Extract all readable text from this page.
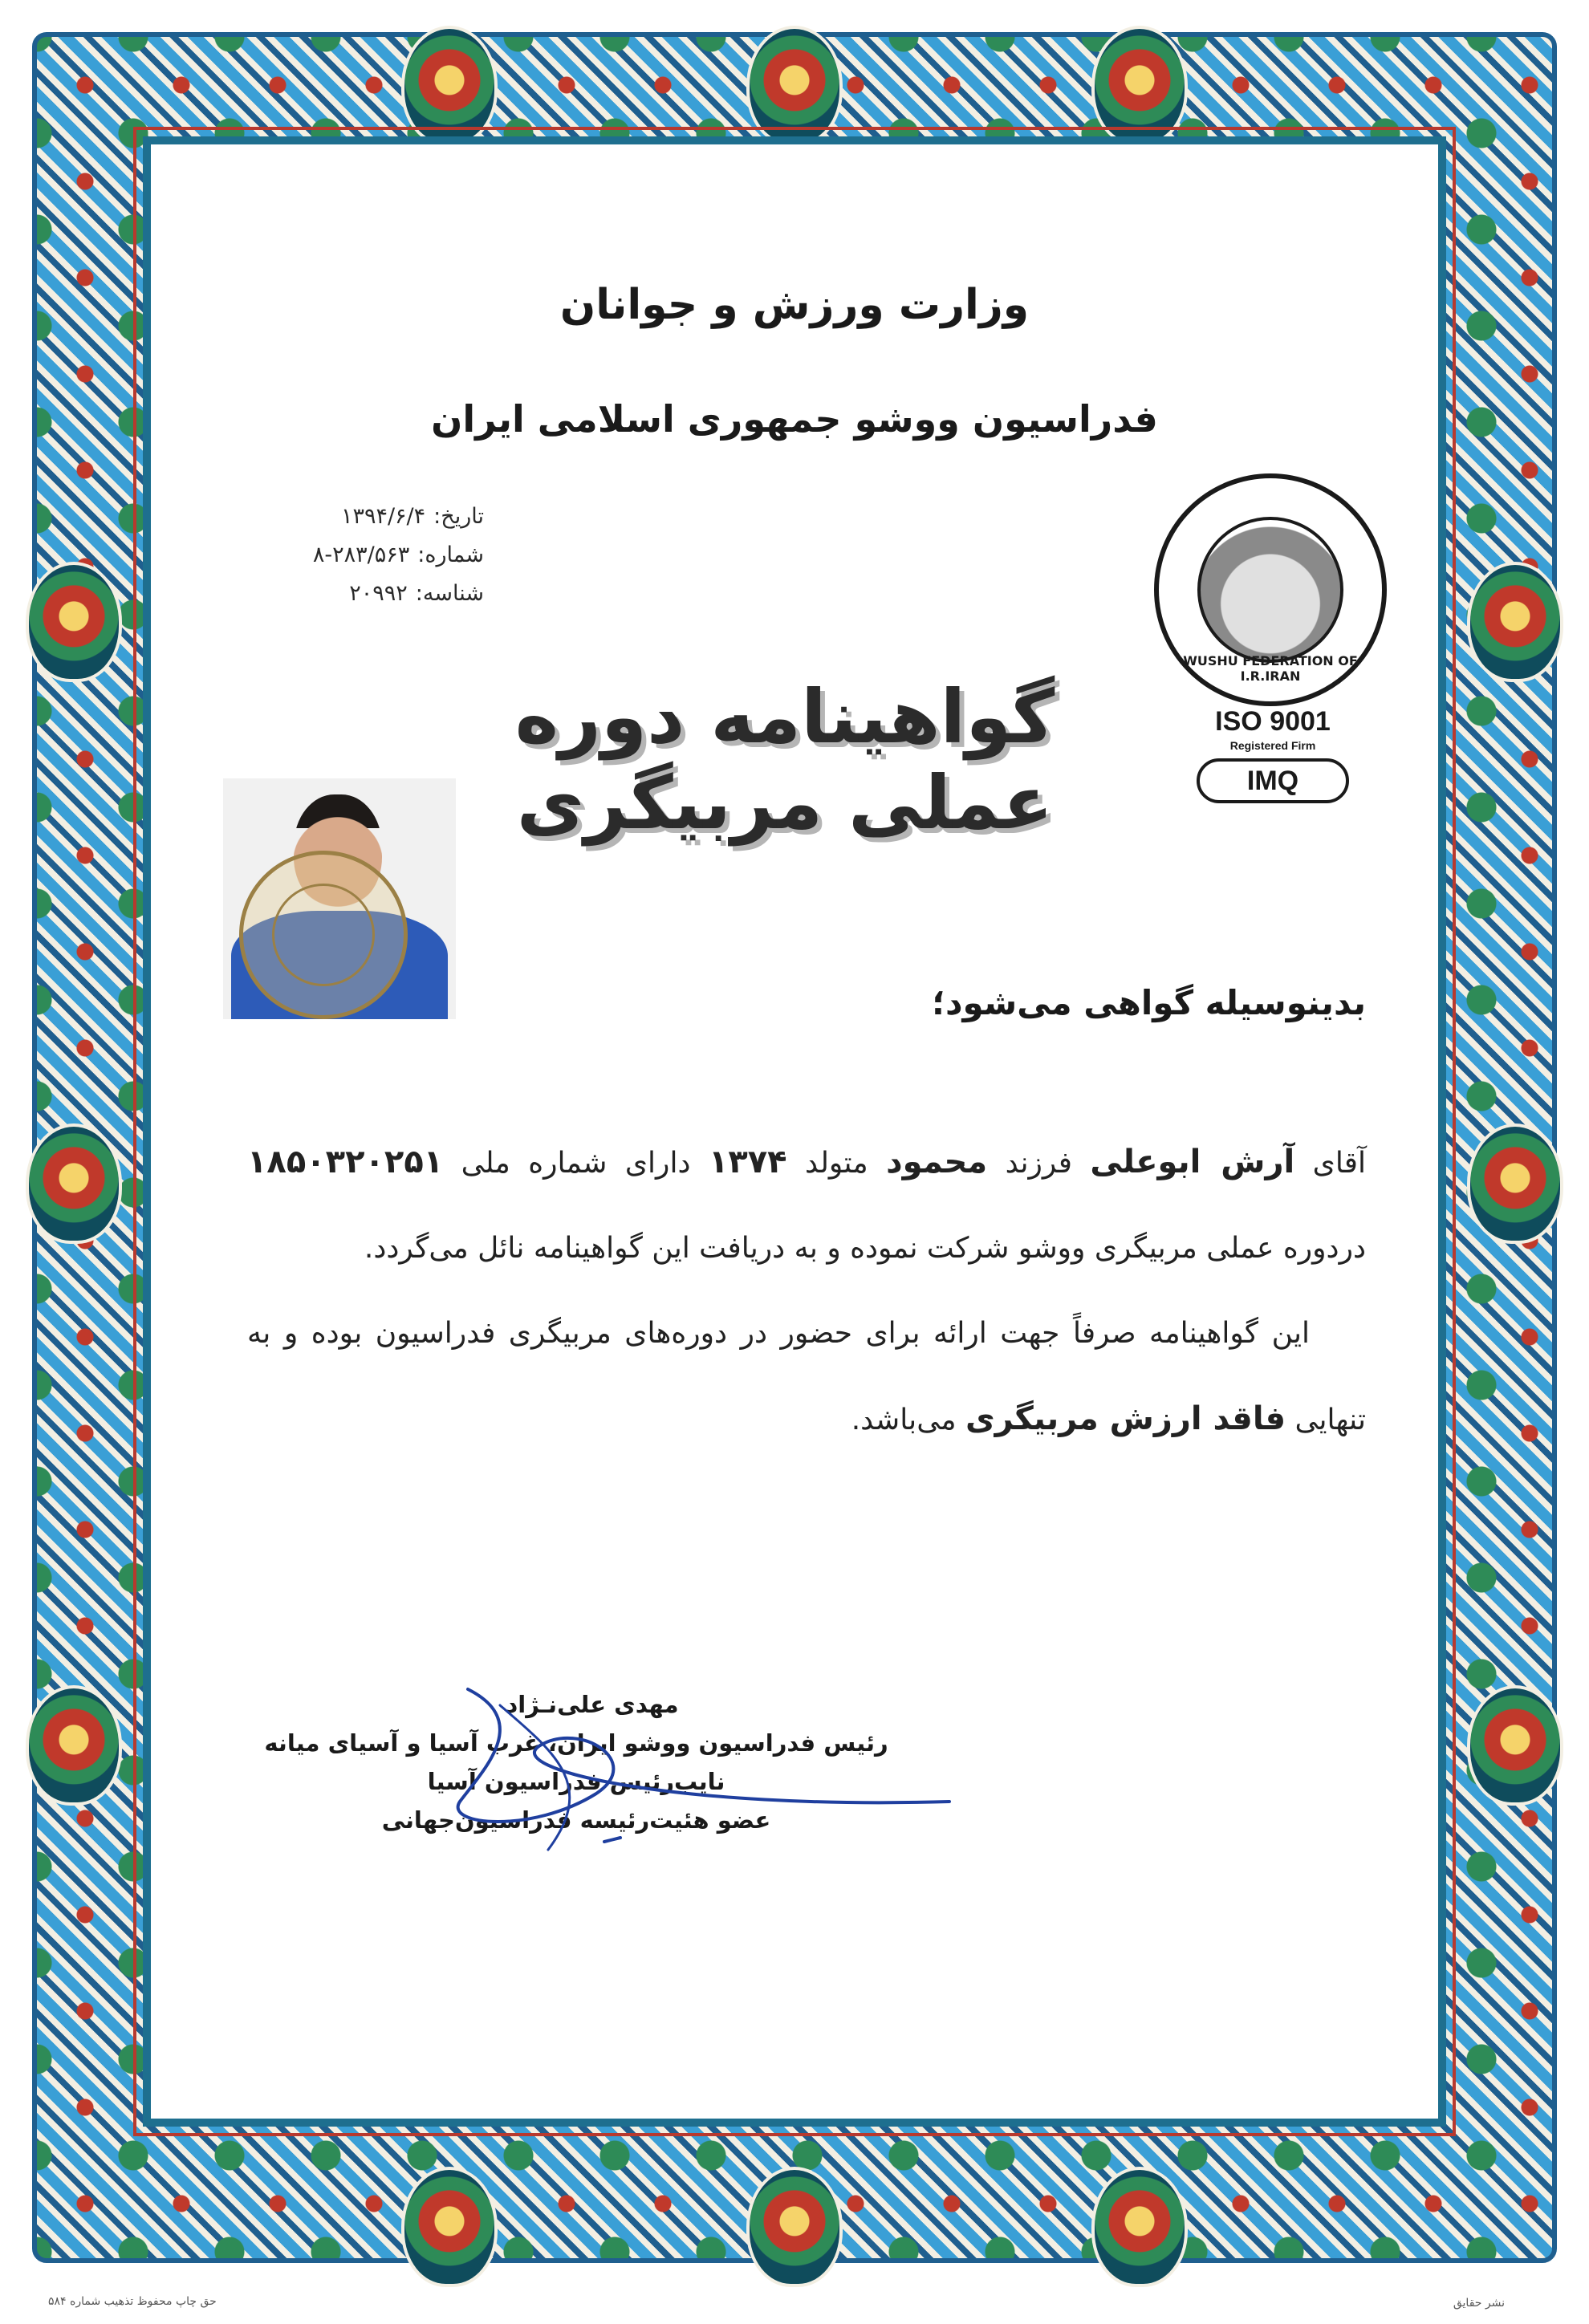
وزارت ورزش و جوانان
فدراسیون ووشو جمهوری اسلامی ایران
۱۳۹۴/۶/۴ تاریخ:
۸-۲۸۳/۵۶۳ شماره:
۲۰۹۹۲ شناسه:
WUSHU FEDERATION OF I.R.IRAN
ISO 9001
Registered Firm
IMQ
گواهینامه دوره عملی مربیگری
بدینوسیله گواهی می‌شود؛
آقای آرش ابوعلی فرزند محمود متولد ۱۳۷۴ دارای شماره ملی ۱۸۵۰۳۲۰۲۵۱ دردوره عملی مربیگری ووشو شرکت نموده و به دریافت این گواهینامه نائل می‌گردد.
این گواهینامه صرفاً جهت ارائه برای حضور در دوره‌های مربیگری فدراسیون بوده و به تنهایی فاقد ارزش مربیگری می‌باشد.
مهدی علی‌نـژاد
رئیس فدراسیون ووشو ایران، غرب آسیا و آسیای میانه
نایب‌رئیس فدراسیون آسیا
عضو هئیت‌رئیسه فدراسیون‌جهانی
حق چاپ محفوظ تذهیب شماره ۵۸۴	نشر حقایق
